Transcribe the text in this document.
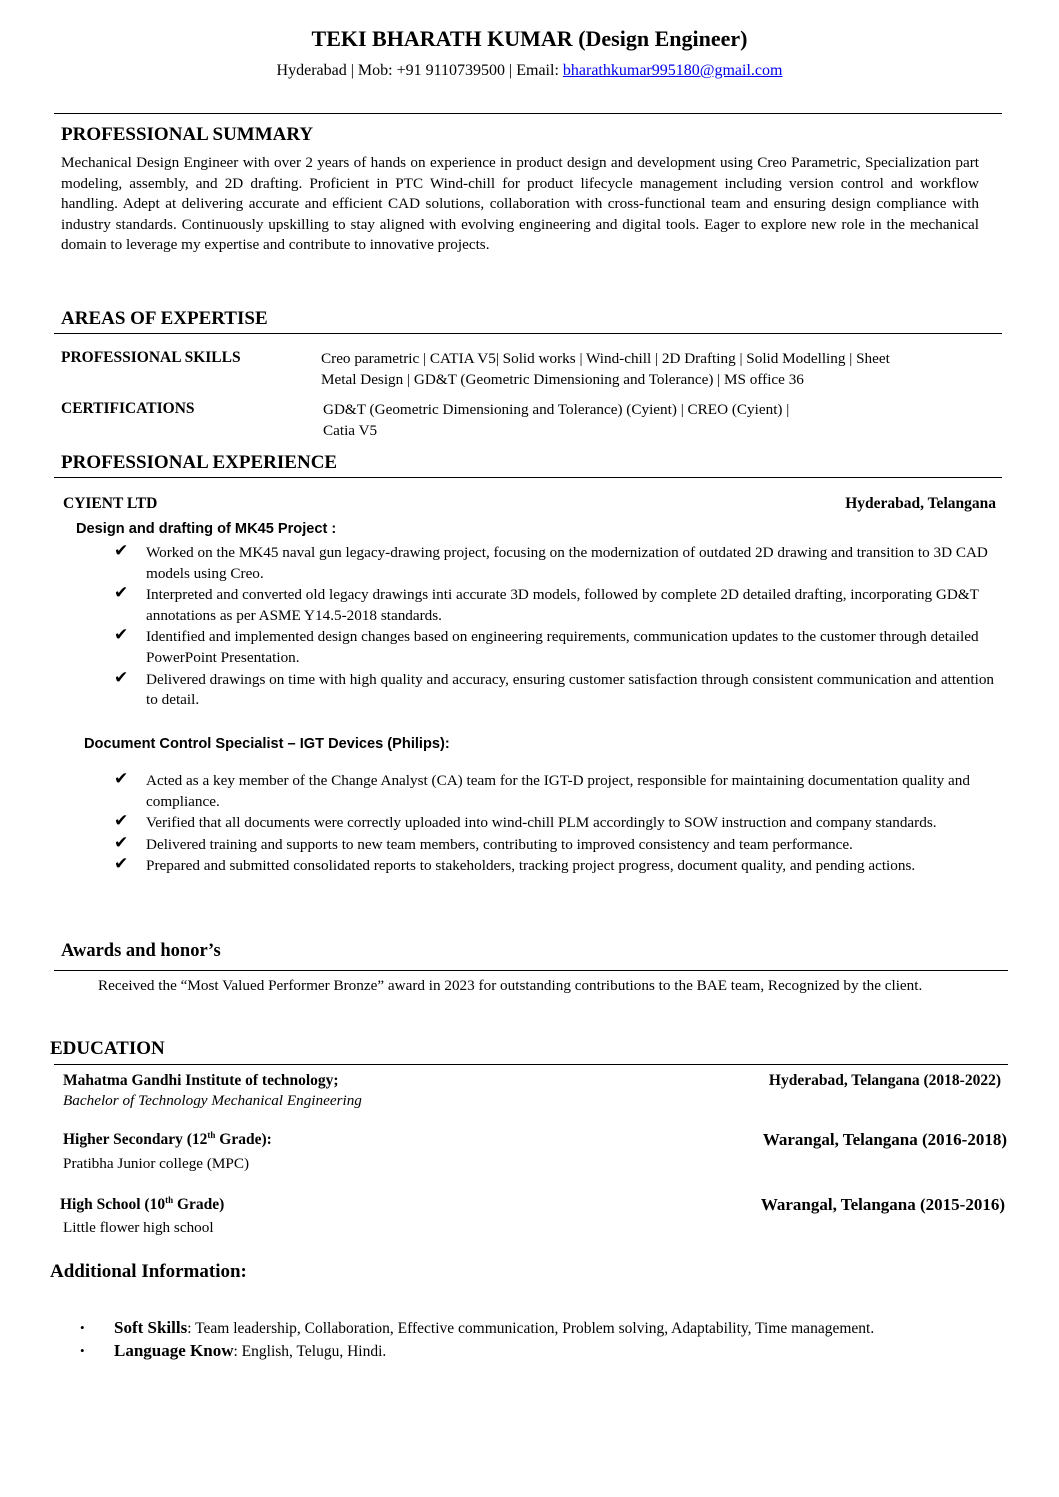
TEKI BHARATH KUMAR (Design Engineer)
Hyderabad | Mob: +91 9110739500 | Email: bharathkumar995180@gmail.com
PROFESSIONAL SUMMARY
Mechanical Design Engineer with over 2 years of hands on experience in product design and development using Creo Parametric, Specialization part modeling, assembly, and 2D drafting. Proficient in PTC Wind-chill for product lifecycle management including version control and workflow handling. Adept at delivering accurate and efficient CAD solutions, collaboration with cross-functional team and ensuring design compliance with industry standards. Continuously upskilling to stay aligned with evolving engineering and digital tools. Eager to explore new role in the mechanical domain to leverage my expertise and contribute to innovative projects.
AREAS OF EXPERTISE
PROFESSIONAL SKILLS	Creo parametric | CATIA V5| Solid works | Wind-chill | 2D Drafting | Solid Modelling | Sheet
Metal Design | GD&T (Geometric Dimensioning and Tolerance) | MS office 36
CERTIFICATIONS	GD&T (Geometric Dimensioning and Tolerance) (Cyient) | CREO (Cyient) |
Catia V5
PROFESSIONAL EXPERIENCE
CYIENT LTD	Hyderabad, Telangana
Design and drafting of MK45 Project :
✔ Worked on the MK45 naval gun legacy-drawing project, focusing on the modernization of outdated 2D drawing and transition to 3D CAD models using Creo.
✔ Interpreted and converted old legacy drawings inti accurate 3D models, followed by complete 2D detailed drafting, incorporating GD&T annotations as per ASME Y14.5-2018 standards.
✔ Identified and implemented design changes based on engineering requirements, communication updates to the customer through detailed PowerPoint Presentation.
✔ Delivered drawings on time with high quality and accuracy, ensuring customer satisfaction through consistent communication and attention to detail.
Document Control Specialist – IGT Devices (Philips):
✔ Acted as a key member of the Change Analyst (CA) team for the IGT-D project, responsible for maintaining documentation quality and compliance.
✔ Verified that all documents were correctly uploaded into wind-chill PLM accordingly to SOW instruction and company standards.
✔ Delivered training and supports to new team members, contributing to improved consistency and team performance.
✔ Prepared and submitted consolidated reports to stakeholders, tracking project progress, document quality, and pending actions.
Awards and honor’s
Received the “Most Valued Performer Bronze” award in 2023 for outstanding contributions to the BAE team, Recognized by the client.
EDUCATION
Mahatma Gandhi Institute of technology;	Hyderabad, Telangana (2018-2022)
Bachelor of Technology Mechanical Engineering
Higher Secondary (12th Grade):	Warangal, Telangana (2016-2018)
Pratibha Junior college (MPC)
High School (10th Grade)	Warangal, Telangana (2015-2016)
Little flower high school
Additional Information:
• Soft Skills: Team leadership, Collaboration, Effective communication, Problem solving, Adaptability, Time management.
• Language Know: English, Telugu, Hindi.
